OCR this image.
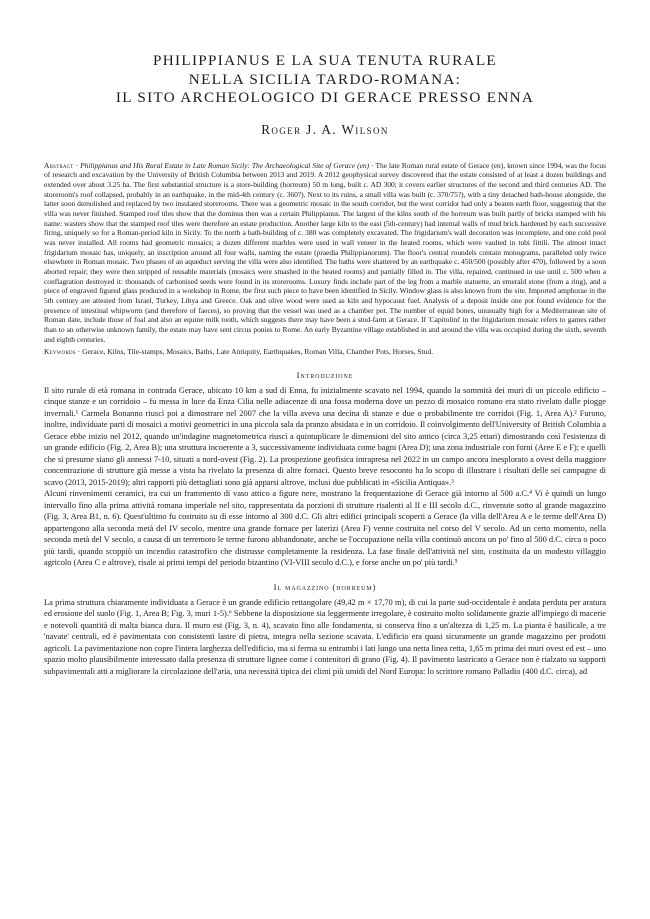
PHILIPPIANUS E LA SUA TENUTA RURALE
NELLA SICILIA TARDO-ROMANA:
IL SITO ARCHEOLOGICO DI GERACE PRESSO ENNA
Roger J. A. Wilson

Abstract · Philippianus and His Rural Estate in Late Roman Sicily: The Archaeological Site of Gerace (en) · The late Roman rural estate of Gerace (en), known since 1994, was the focus of research and excavation by the University of British Columbia between 2013 and 2019. A 2012 geophysical survey discovered that the estate consisted of at least a dozen buildings and extended over about 3.25 ha. The first substantial structure is a store-building (horreum) 50 m long, built c. AD 300; it covers earlier structures of the second and third centuries AD. The storeroom's roof collapsed, probably in an earthquake, in the mid-4th century (c. 360?). Next to its ruins, a small villa was built (c. 370/75?), with a tiny detached bath-house alongside, the latter soon demolished and replaced by two insulated storerooms. There was a geometric mosaic in the south corridor, but the west corridor had only a beaten earth floor, suggesting that the villa was never finished. Stamped roof tiles show that the dominus then was a certain Philippianus. The largest of the kilns south of the horreum was built partly of bricks stamped with his name: wasters show that the stamped roof tiles were therefore an estate production. Another large kiln to the east (5th-century) had internal walls of mud brick hardened by each successive firing, uniquely so for a Roman-period kiln in Sicily. To the north a bath-building of c. 380 was completely excavated. The frigidarium's wall decoration was incomplete, and one cold pool was never installed. All rooms had geometric mosaics; a dozen different marbles were used in wall veneer in the heated rooms, which were vaulted in tubi fittili. The almost intact frigidarium mosaic has, uniquely, an inscription around all four walls, naming the estate (praedia Philippianorum). The floor's central roundels contain monograms, paralleled only twice elsewhere in Roman mosaic. Two phases of an aqueduct serving the villa were also identified. The baths were shattered by an earthquake c. 450/500 (possibly after 470), followed by a soon aborted repair; they were then stripped of reusable materials (mosaics were smashed in the heated rooms) and partially filled in. The villa, repaired, continued in use until c. 500 when a conflagration destroyed it: thousands of carbonised seeds were found in its storerooms. Luxury finds include part of the leg from a marble statuette, an emerald stone (from a ring), and a piece of engraved figured glass produced in a workshop in Rome, the first such piece to have been identified in Sicily. Window glass is also known from the site. Imported amphorae in the 5th century are attested from Israel, Turkey, Libya and Greece. Oak and olive wood were used as kiln and hypocaust fuel. Analysis of a deposit inside one pot found evidence for the presence of intestinal whipworm (and therefore of faeces), so proving that the vessel was used as a chamber pot. The number of equid bones, unusually high for a Mediterranean site of Roman date, include those of foal and also an equine milk tooth, which suggests there may have been a stud-farm at Gerace. If 'Capitolini' in the frigidarium mosaic refers to games rather than to an otherwise unknown family, the estate may have sent circus ponies to Rome. An early Byzantine village established in and around the villa was occupied during the sixth, seventh and eighth centuries.

Keywords · Gerace, Kilns, Tile-stamps, Mosaics, Baths, Late Antiquity, Earthquakes, Roman Villa, Chamber Pots, Horses, Stud.

Introduzione

Il sito rurale di età romana in contrada Gerace, ubicato 10 km a sud di Enna, fu inizialmente scavato nel 1994, quando la sommità dei muri di un piccolo edificio – cinque stanze e un corridoio – fu messa in luce da Enza Cilia nelle adiacenze di una fossa moderna dove un pezzo di mosaico romano era stato rivelato dalle piogge invernali.¹ Carmela Bonanno riuscì poi a dimostrare nel 2007 che la villa aveva una decina di stanze e due o probabilmente tre corridoi (Fig. 1, Area A).² Furono, inoltre, individuate parti di mosaici a motivi geometrici in una piccola sala da pranzo absidata e in un corridoio. Il coinvolgimento dell'University of British Columbia a Gerace ebbe inizio nel 2012, quando un'indagine magnetometrica riuscì a quintuplicare le dimensioni del sito antico (circa 3,25 ettari) dimostrando così l'esistenza di un grande edificio (Fig. 2, Area B); una struttura incoerente a 3, successivamente individuata come bagni (Area D); una zona industriale con forni (Aree E e F); e quelli che si presume siano gli annessi 7-10, situati a nord-ovest (Fig. 2). La prospezione geofisica intrapresa nel 2022 in un campo ancora inesplorato a ovest della maggiore concentrazione di strutture già messe a vista ha rivelato la presenza di altre fornaci. Questo breve resoconto ha lo scopo di illustrare i risultati delle sei campagne di scavo (2013, 2015-2019); altri rapporti più dettagliati sono già apparsi altrove, inclusi due pubblicati in «Sicilia Antiqua».³

Alcuni rinvenimenti ceramici, tra cui un frammento di vaso attico a figure nere, mostrano la frequentazione di Gerace già intorno al 500 a.C.⁴ Vi è quindi un lungo intervallo fino alla prima attività romana imperiale nel sito, rappresentata da porzioni di strutture risalenti al II e III secolo d.C., rinvenute sotto al grande magazzino (Fig. 3, Area B1, n. 6). Quest'ultimo fu costruito su di esse intorno al 300 d.C. Gli altri edifici principali scoperti a Gerace (la villa dell'Area A e le terme dell'Area D) appartengono alla seconda metà del IV secolo, mentre una grande fornace per laterizi (Area F) venne costruita nel corso del V secolo. Ad un certo momento, nella seconda metà del V secolo, a causa di un terremoto le terme furono abbandonate, anche se l'occupazione nella villa continuò ancora un po' fino al 500 d.C. circa o poco più tardi, quando scoppiò un incendio catastrofico che distrusse completamente la residenza. La fase finale dell'attività nel sito, costituita da un modesto villaggio agricolo (Area C e altrove), risale ai primi tempi del periodo bizantino (VI-VIII secolo d.C.), e forse anche un po' più tardi.⁵

Il magazzino (horreum)

La prima struttura chiaramente individuata a Gerace è un grande edificio rettangolare (49,42 m × 17,70 m), di cui la parte sud-occidentale è andata perduta per aratura ed erosione del suolo (Fig. 1, Area B; Fig. 3, muri 1-5).⁶ Sebbene la disposizione sia leggermente irregolare, è costruito molto solidamente grazie all'impiego di macerie e notevoli quantità di malta bianca dura. Il muro est (Fig. 3, n. 4), scavato fino alle fondamenta, si conserva fino a un'altezza di 1,25 m. La pianta è basilicale, a tre 'navate' centrali, ed è pavimentata con consistenti lastre di pietra, integra nella sezione scavata. L'edificio era quasi sicuramente un grande magazzino per prodotti agricoli. La pavimentazione non copre l'intera larghezza dell'edificio, ma si ferma su entrambi i lati lungo una netta linea retta, 1,65 m prima dei muri ovest ed est – uno spazio molto plausibilmente interessato dalla presenza di strutture lignee come i contenitori di grano (Fig. 4). Il pavimento lastricato a Gerace non è rialzato su supporti subpavimentali atti a migliorare la circolazione dell'aria, una necessità tipica dei climi più umidi del Nord Europa: lo scrittore romano Palladio (400 d.C. circa), ad
